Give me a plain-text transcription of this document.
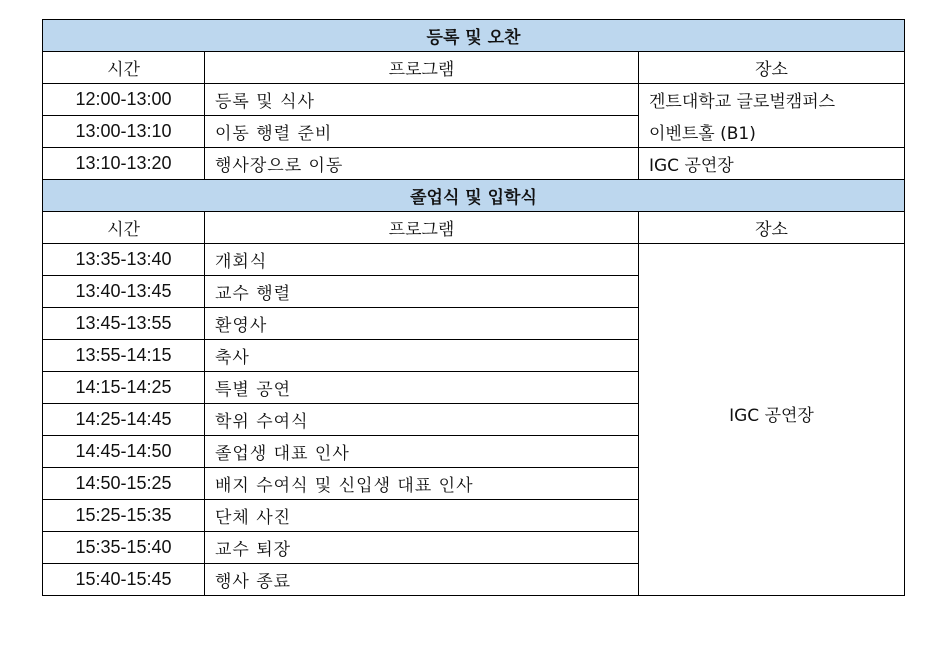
등록 및 오찬		
시간	프로그램	장소
12:00-13:00	등록 및 식사	겐트대학교 글로벌캠퍼스
13:00-13:10	이동 행렬 준비	이벤트홀 (B1)
13:10-13:20	행사장으로 이동	IGC 공연장
졸업식 및 입학식		
시간	프로그램	장소
13:35-13:40	개회식	IGC 공연장
13:40-13:45	교수 행렬	
13:45-13:55	환영사	
13:55-14:15	축사	
14:15-14:25	특별 공연	
14:25-14:45	학위 수여식	
14:45-14:50	졸업생 대표 인사	
14:50-15:25	배지 수여식 및 신입생 대표 인사	
15:25-15:35	단체 사진	
15:35-15:40	교수 퇴장	
15:40-15:45	행사 종료	
